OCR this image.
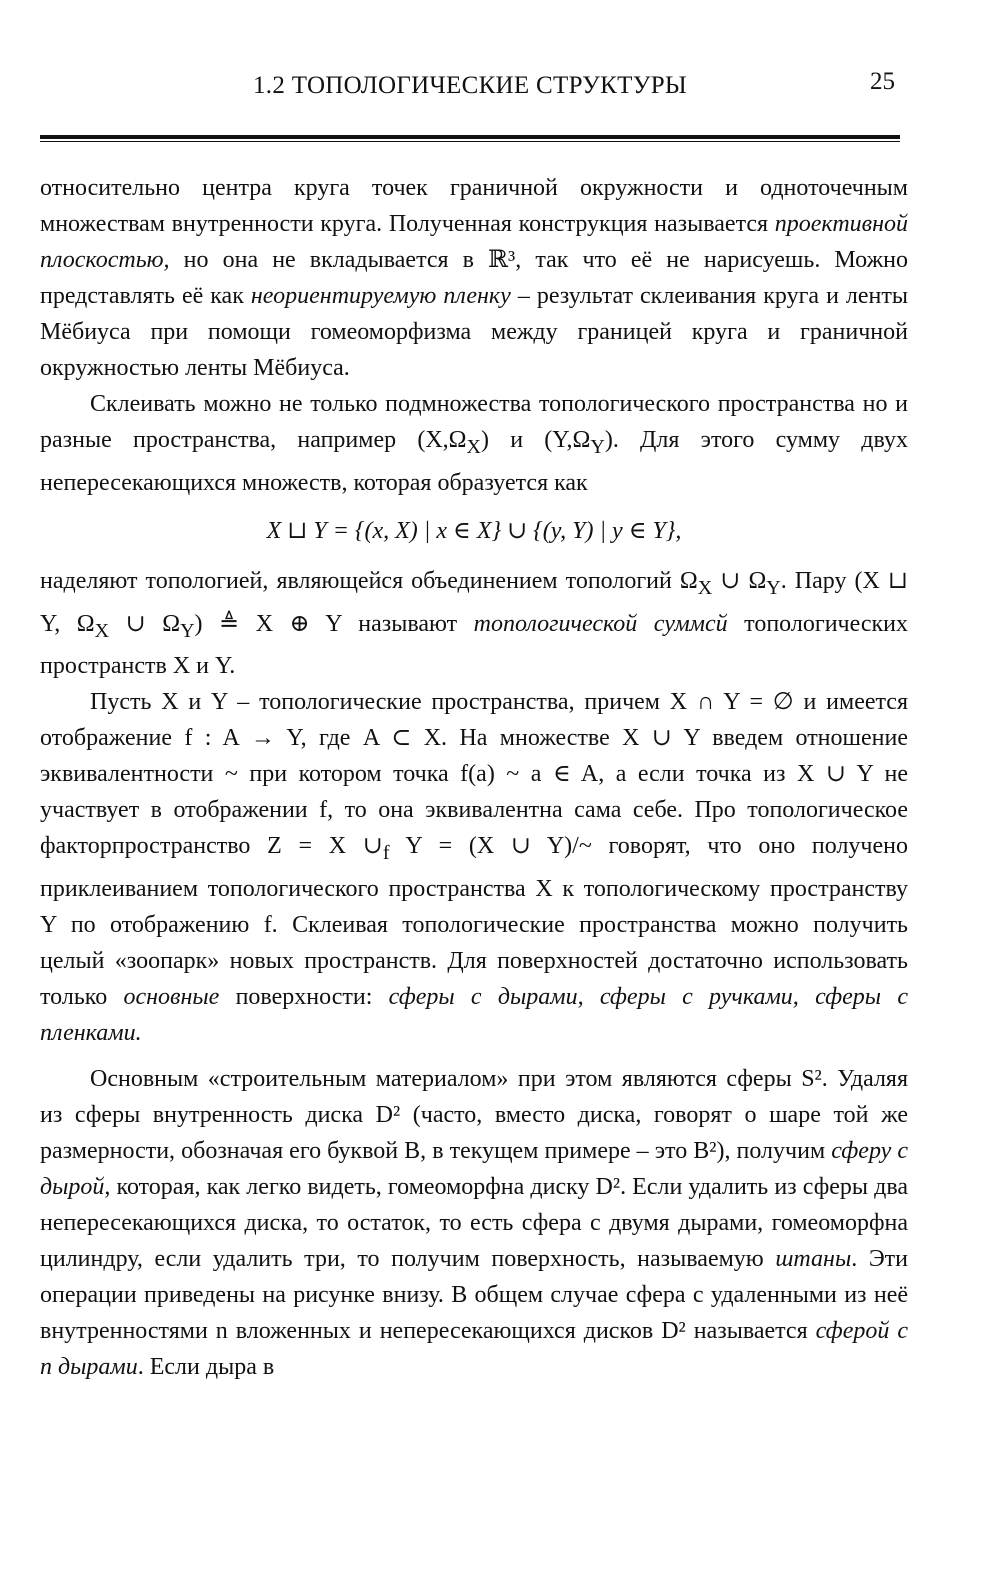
1.2 ТОПОЛОГИЧЕСКИЕ СТРУКТУРЫ	25

относительно центра круга точек граничной окружности и одноточечным множествам внутренности круга. Полученная конструкция называется проективной плоскостью, но она не вкладывается в ℝ³, так что её не нарисуешь. Можно представлять её как неориентируемую пленку – результат склеивания круга и ленты Мёбиуса при помощи гомеоморфизма между границей круга и граничной окружностью ленты Мёбиуса.

Склеивать можно не только подмножества топологического пространства но и разные пространства, например $(X,\Omega_X)$ и $(Y,\Omega_Y)$. Для этого сумму двух непересекающихся множеств, которая образуется как

X ⊔ Y = {(x, X) | x ∈ X} ∪ {(y, Y) | y ∈ Y},

наделяют топологией, являющейся объединением топологий $\Omega_X$ ∪ $\Omega_Y$. Пару (X ⊔ Y, $\Omega_X$ ∪ $\Omega_Y$) ≜ X ⊕ Y называют топологической суммсй топологических пространств X и Y.

Пусть X и Y – топологические пространства, причем X ∩ Y = ∅ и имеется отображение f : A → Y, где A ⊂ X. На множестве X ∪ Y введем отношение эквивалентности ~ при котором точка f(a) ~ a ∈ A, а если точка из X ∪ Y не участвует в отображении f, то она эквивалентна сама себе. Про топологическое факторпространство Z = X $\cup_f$ Y = (X ∪ Y)/~ говорят, что оно получено приклеиванием топологического пространства X к топологическому пространству Y по отображению f. Склеивая топологические пространства можно получить целый «зоопарк» новых пространств. Для поверхностей достаточно использовать только основные поверхности: сферы с дырами, сферы с ручками, сферы с пленками.

Основным «строительным материалом» при этом являются сферы S². Удаляя из сферы внутренность диска D² (часто, вместо диска, говорят о шаре той же размерности, обозначая его буквой B, в текущем примере – это B²), получим сферу с дырой, которая, как легко видеть, гомеоморфна диску D². Если удалить из сферы два непересекающихся диска, то остаток, то есть сфера с двумя дырами, гомеоморфна цилиндру, если удалить три, то получим поверхность, называемую штаны. Эти операции приведены на рисунке внизу. В общем случае сфера с удаленными из неё внутренностями n вложенных и непересекающихся дисков D² называется сферой с n дырами. Если дыра в
